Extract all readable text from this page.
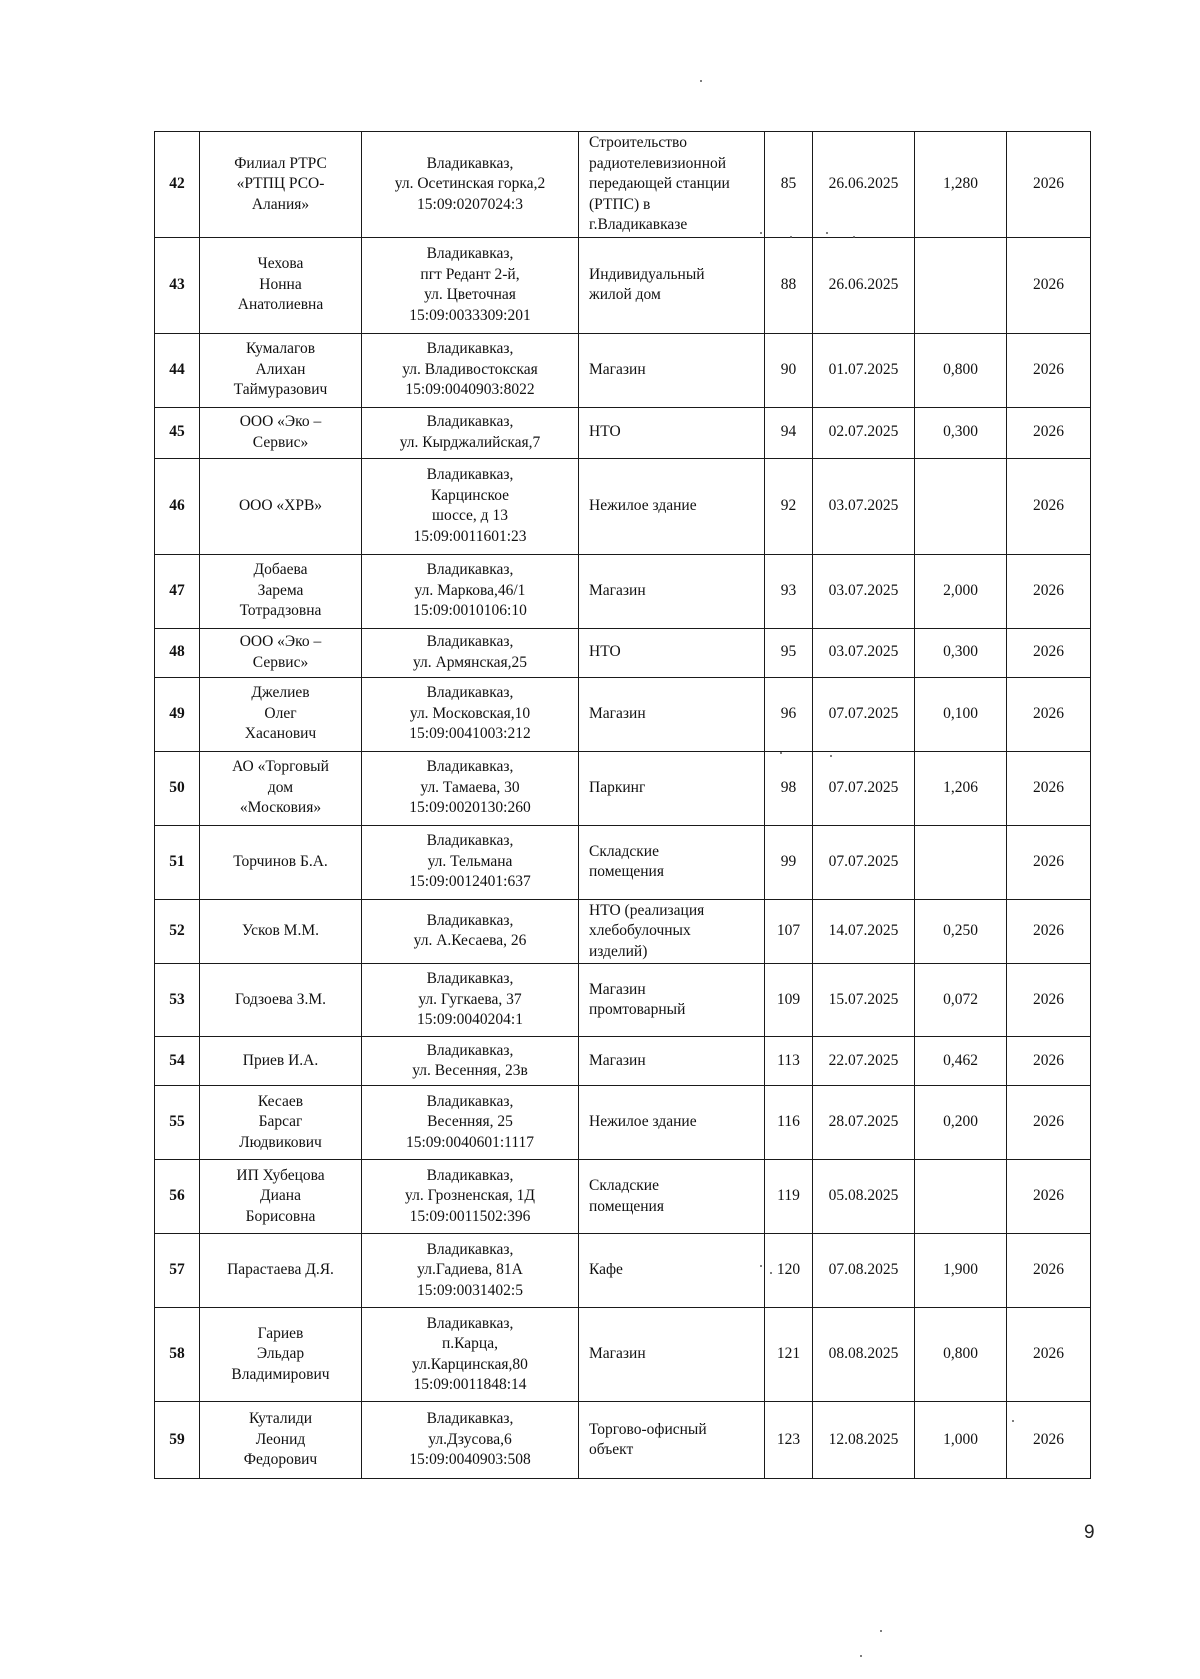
42	Филиал РТРС
«РТПЦ РСО-
Алания»	Владикавказ,
ул. Осетинская горка,2
15:09:0207024:3	Строительство
радиотелевизионной
передающей станции
(РТПС) в
г.Владикавказе	85	26.06.2025	1,280	2026
43	Чехова
Нонна
Анатолиевна	Владикавказ,
пгт Редант 2-й,
ул. Цветочная
15:09:0033309:201	Индивидуальный
жилой дом	88	26.06.2025		2026
44	Кумалагов
Алихан
Таймуразович	Владикавказ,
ул. Владивостокская
15:09:0040903:8022	Магазин	90	01.07.2025	0,800	2026
45	ООО «Эко –
Сервис»	Владикавказ,
ул. Кырджалийская,7	НТО	94	02.07.2025	0,300	2026
46	ООО «ХРВ»	Владикавказ,
Карцинское
шоссе, д 13
15:09:0011601:23	Нежилое здание	92	03.07.2025		2026
47	Добаева
Зарема
Тотрадзовна	Владикавказ,
ул. Маркова,46/1
15:09:0010106:10	Магазин	93	03.07.2025	2,000	2026
48	ООО «Эко –
Сервис»	Владикавказ,
ул. Армянская,25	НТО	95	03.07.2025	0,300	2026
49	Джелиев
Олег
Хасанович	Владикавказ,
ул. Московская,10
15:09:0041003:212	Магазин	96	07.07.2025	0,100	2026
50	АО «Торговый
дом
«Московия»	Владикавказ,
ул. Тамаева, 30
15:09:0020130:260	Паркинг	98	07.07.2025	1,206	2026
51	Торчинов Б.А.	Владикавказ,
ул. Тельмана
15:09:0012401:637	Складские
помещения	99	07.07.2025		2026
52	Усков М.М.	Владикавказ,
ул. А.Кесаева, 26	НТО (реализация
хлебобулочных
изделий)	107	14.07.2025	0,250	2026
53	Годзоева З.М.	Владикавказ,
ул. Гугкаева, 37
15:09:0040204:1	Магазин
промтоварный	109	15.07.2025	0,072	2026
54	Приев И.А.	Владикавказ,
ул. Весенняя, 23в	Магазин	113	22.07.2025	0,462	2026
55	Кесаев
Барсаг
Людвикович	Владикавказ,
Весенняя, 25
15:09:0040601:1117	Нежилое здание	116	28.07.2025	0,200	2026
56	ИП Хубецова
Диана
Борисовна	Владикавказ,
ул. Грозненская, 1Д
15:09:0011502:396	Складские
помещения	119	05.08.2025		2026
57	Парастаева Д.Я.	Владикавказ,
ул.Гадиева, 81А
15:09:0031402:5	Кафе	120	07.08.2025	1,900	2026
58	Гариев
Эльдар
Владимирович	Владикавказ,
п.Карца,
ул.Карцинская,80
15:09:0011848:14	Магазин	121	08.08.2025	0,800	2026
59	Куталиди
Леонид
Федорович	Владикавказ,
ул.Дзусова,6
15:09:0040903:508	Торгово-офисный
объект	123	12.08.2025	1,000	2026
9
